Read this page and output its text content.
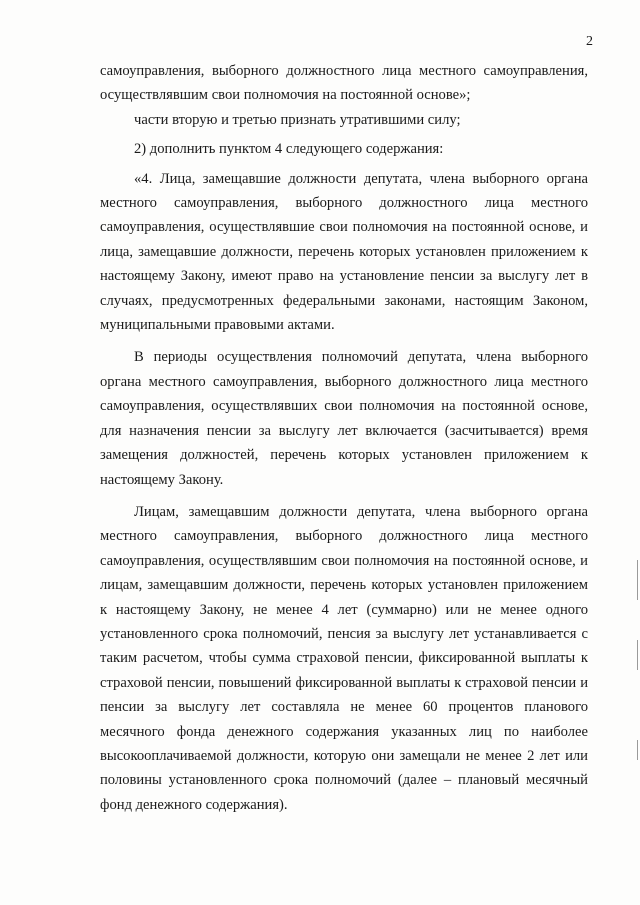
2

самоуправления, выборного должностного лица местного самоуправления, осуществлявшим свои полномочия на постоянной основе»;

части вторую и третью признать утратившими силу;

2) дополнить пунктом 4 следующего содержания:

«4. Лица, замещавшие должности депутата, члена выборного органа местного самоуправления, выборного должностного лица местного самоуправления, осуществлявшие свои полномочия на постоянной основе, и лица, замещавшие должности, перечень которых установлен приложением к настоящему Закону, имеют право на установление пенсии за выслугу лет в случаях, предусмотренных федеральными законами, настоящим Законом, муниципальными правовыми актами.

В периоды осуществления полномочий депутата, члена выборного органа местного самоуправления, выборного должностного лица местного самоуправления, осуществлявших свои полномочия на постоянной основе, для назначения пенсии за выслугу лет включается (засчитывается) время замещения должностей, перечень которых установлен приложением к настоящему Закону.

Лицам, замещавшим должности депутата, члена выборного органа местного самоуправления, выборного должностного лица местного самоуправления, осуществлявшим свои полномочия на постоянной основе, и лицам, замещавшим должности, перечень которых установлен приложением к настоящему Закону, не менее 4 лет (суммарно) или не менее одного установленного срока полномочий, пенсия за выслугу лет устанавливается с таким расчетом, чтобы сумма страховой пенсии, фиксированной выплаты к страховой пенсии, повышений фиксированной выплаты к страховой пенсии и пенсии за выслугу лет составляла не менее 60 процентов планового месячного фонда денежного содержания указанных лиц по наиболее высокооплачиваемой должности, которую они замещали не менее 2 лет или половины установленного срока полномочий (далее – плановый месячный фонд денежного содержания).
